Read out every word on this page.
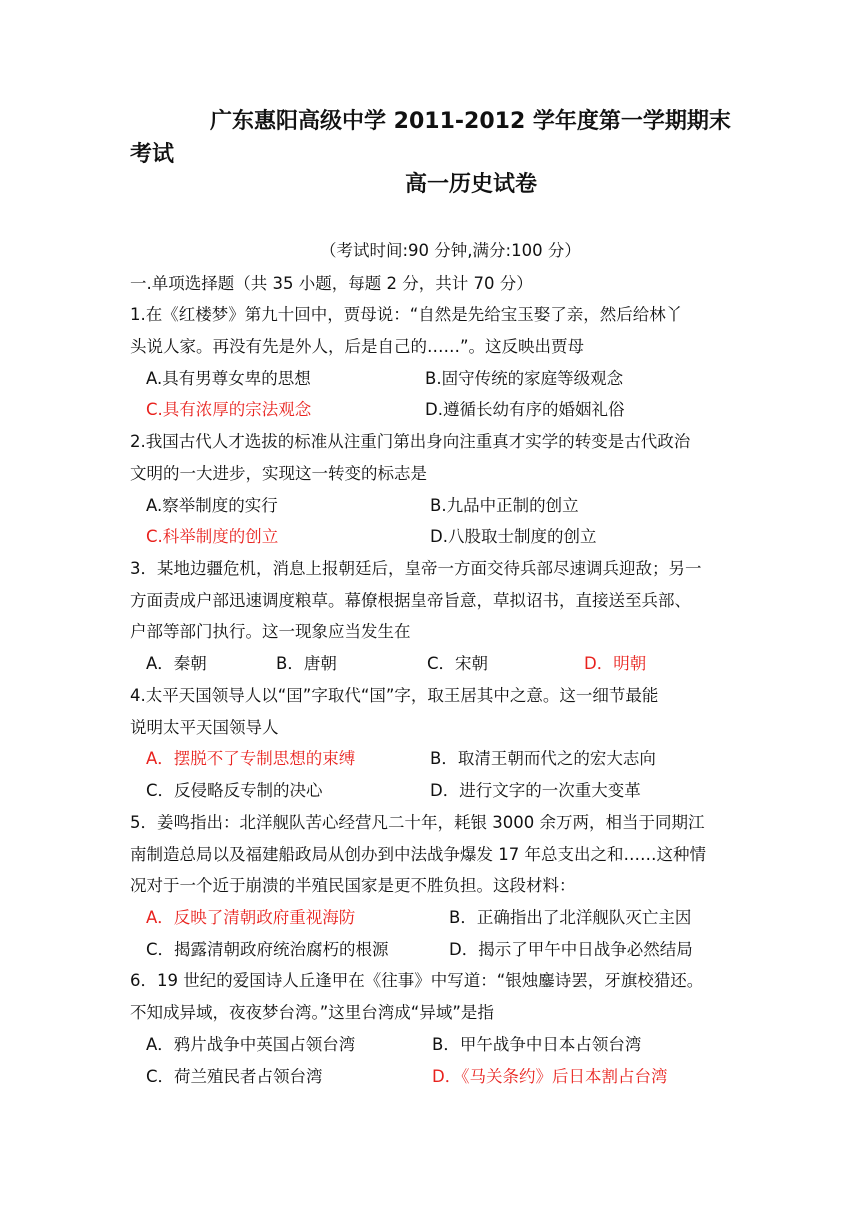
广东惠阳高级中学 2011-2012 学年度第一学期期末
考试
高一历史试卷
（考试时间:90 分钟,满分:100 分）
一.单项选择题（共 35 小题，每题 2 分，共计 70 分）
1.在《红楼梦》第九十回中，贾母说：“自然是先给宝玉娶了亲，然后给林丫
头说人家。再没有先是外人，后是自己的……”。这反映出贾母
A.具有男尊女卑的思想	B.固守传统的家庭等级观念
C.具有浓厚的宗法观念	D.遵循长幼有序的婚姻礼俗
2.我国古代人才选拔的标准从注重门第出身向注重真才实学的转变是古代政治
文明的一大进步，实现这一转变的标志是
A.察举制度的实行	B.九品中正制的创立
C.科举制度的创立	D.八股取士制度的创立
3．某地边疆危机，消息上报朝廷后，皇帝一方面交待兵部尽速调兵迎敌；另一
方面责成户部迅速调度粮草。幕僚根据皇帝旨意，草拟诏书，直接送至兵部、
户部等部门执行。这一现象应当发生在
A．秦朝	B．唐朝	C．宋朝	D．明朝
4.太平天国领导人以“囯”字取代“国”字，取王居其中之意。这一细节最能
说明太平天国领导人
A．摆脱不了专制思想的束缚	B．取清王朝而代之的宏大志向
C．反侵略反专制的决心	D．进行文字的一次重大变革
5．姜鸣指出：北洋舰队苦心经营凡二十年，耗银 3000 余万两，相当于同期江
南制造总局以及福建船政局从创办到中法战争爆发 17 年总支出之和……这种情
况对于一个近于崩溃的半殖民国家是更不胜负担。这段材料：
A．反映了清朝政府重视海防	B．正确指出了北洋舰队灭亡主因
C．揭露清朝政府统治腐朽的根源	D．揭示了甲午中日战争必然结局
6．19 世纪的爱国诗人丘逢甲在《往事》中写道：“银烛鏖诗罢，牙旗校猎还。
不知成异域，夜夜梦台湾。”这里台湾成“异域”是指
A．鸦片战争中英国占领台湾	B．甲午战争中日本占领台湾
C．荷兰殖民者占领台湾	D．《马关条约》后日本割占台湾
